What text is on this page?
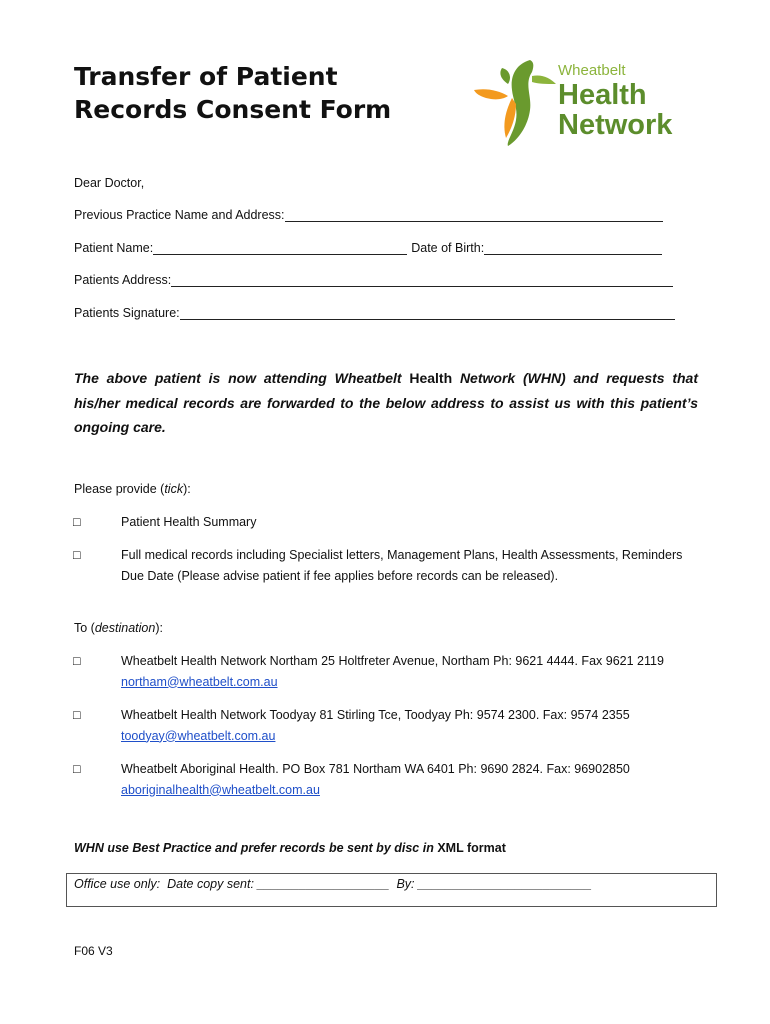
Transfer of Patient
Records Consent Form
Wheatbelt
Health
Network
Dear Doctor,
Previous Practice Name and Address:
Patient Name:	Date of Birth:
Patients Address:
Patients Signature:

The above patient is now attending Wheatbelt Health Network (WHN) and requests that his/her medical records are forwarded to the below address to assist us with this patient’s ongoing care.

Please provide (tick):
□	Patient Health Summary
□	Full medical records including Specialist letters, Management Plans, Health Assessments, Reminders Due Date (Please advise patient if fee applies before records can be released).
To (destination):
□	Wheatbelt Health Network Northam 25 Holtfreter Avenue, Northam Ph: 9621 4444. Fax 9621 2119 northam@wheatbelt.com.au
□	Wheatbelt Health Network Toodyay 81 Stirling Tce, Toodyay Ph: 9574 2300. Fax: 9574 2355 toodyay@wheatbelt.com.au
□	Wheatbelt Aboriginal Health. PO Box 781 Northam WA 6401 Ph: 9690 2824. Fax: 96902850 aboriginalhealth@wheatbelt.com.au
WHN use Best Practice and prefer records be sent by disc in XML format
Office use only:  Date copy sent: ___________________  By: _________________________
F06 V3
